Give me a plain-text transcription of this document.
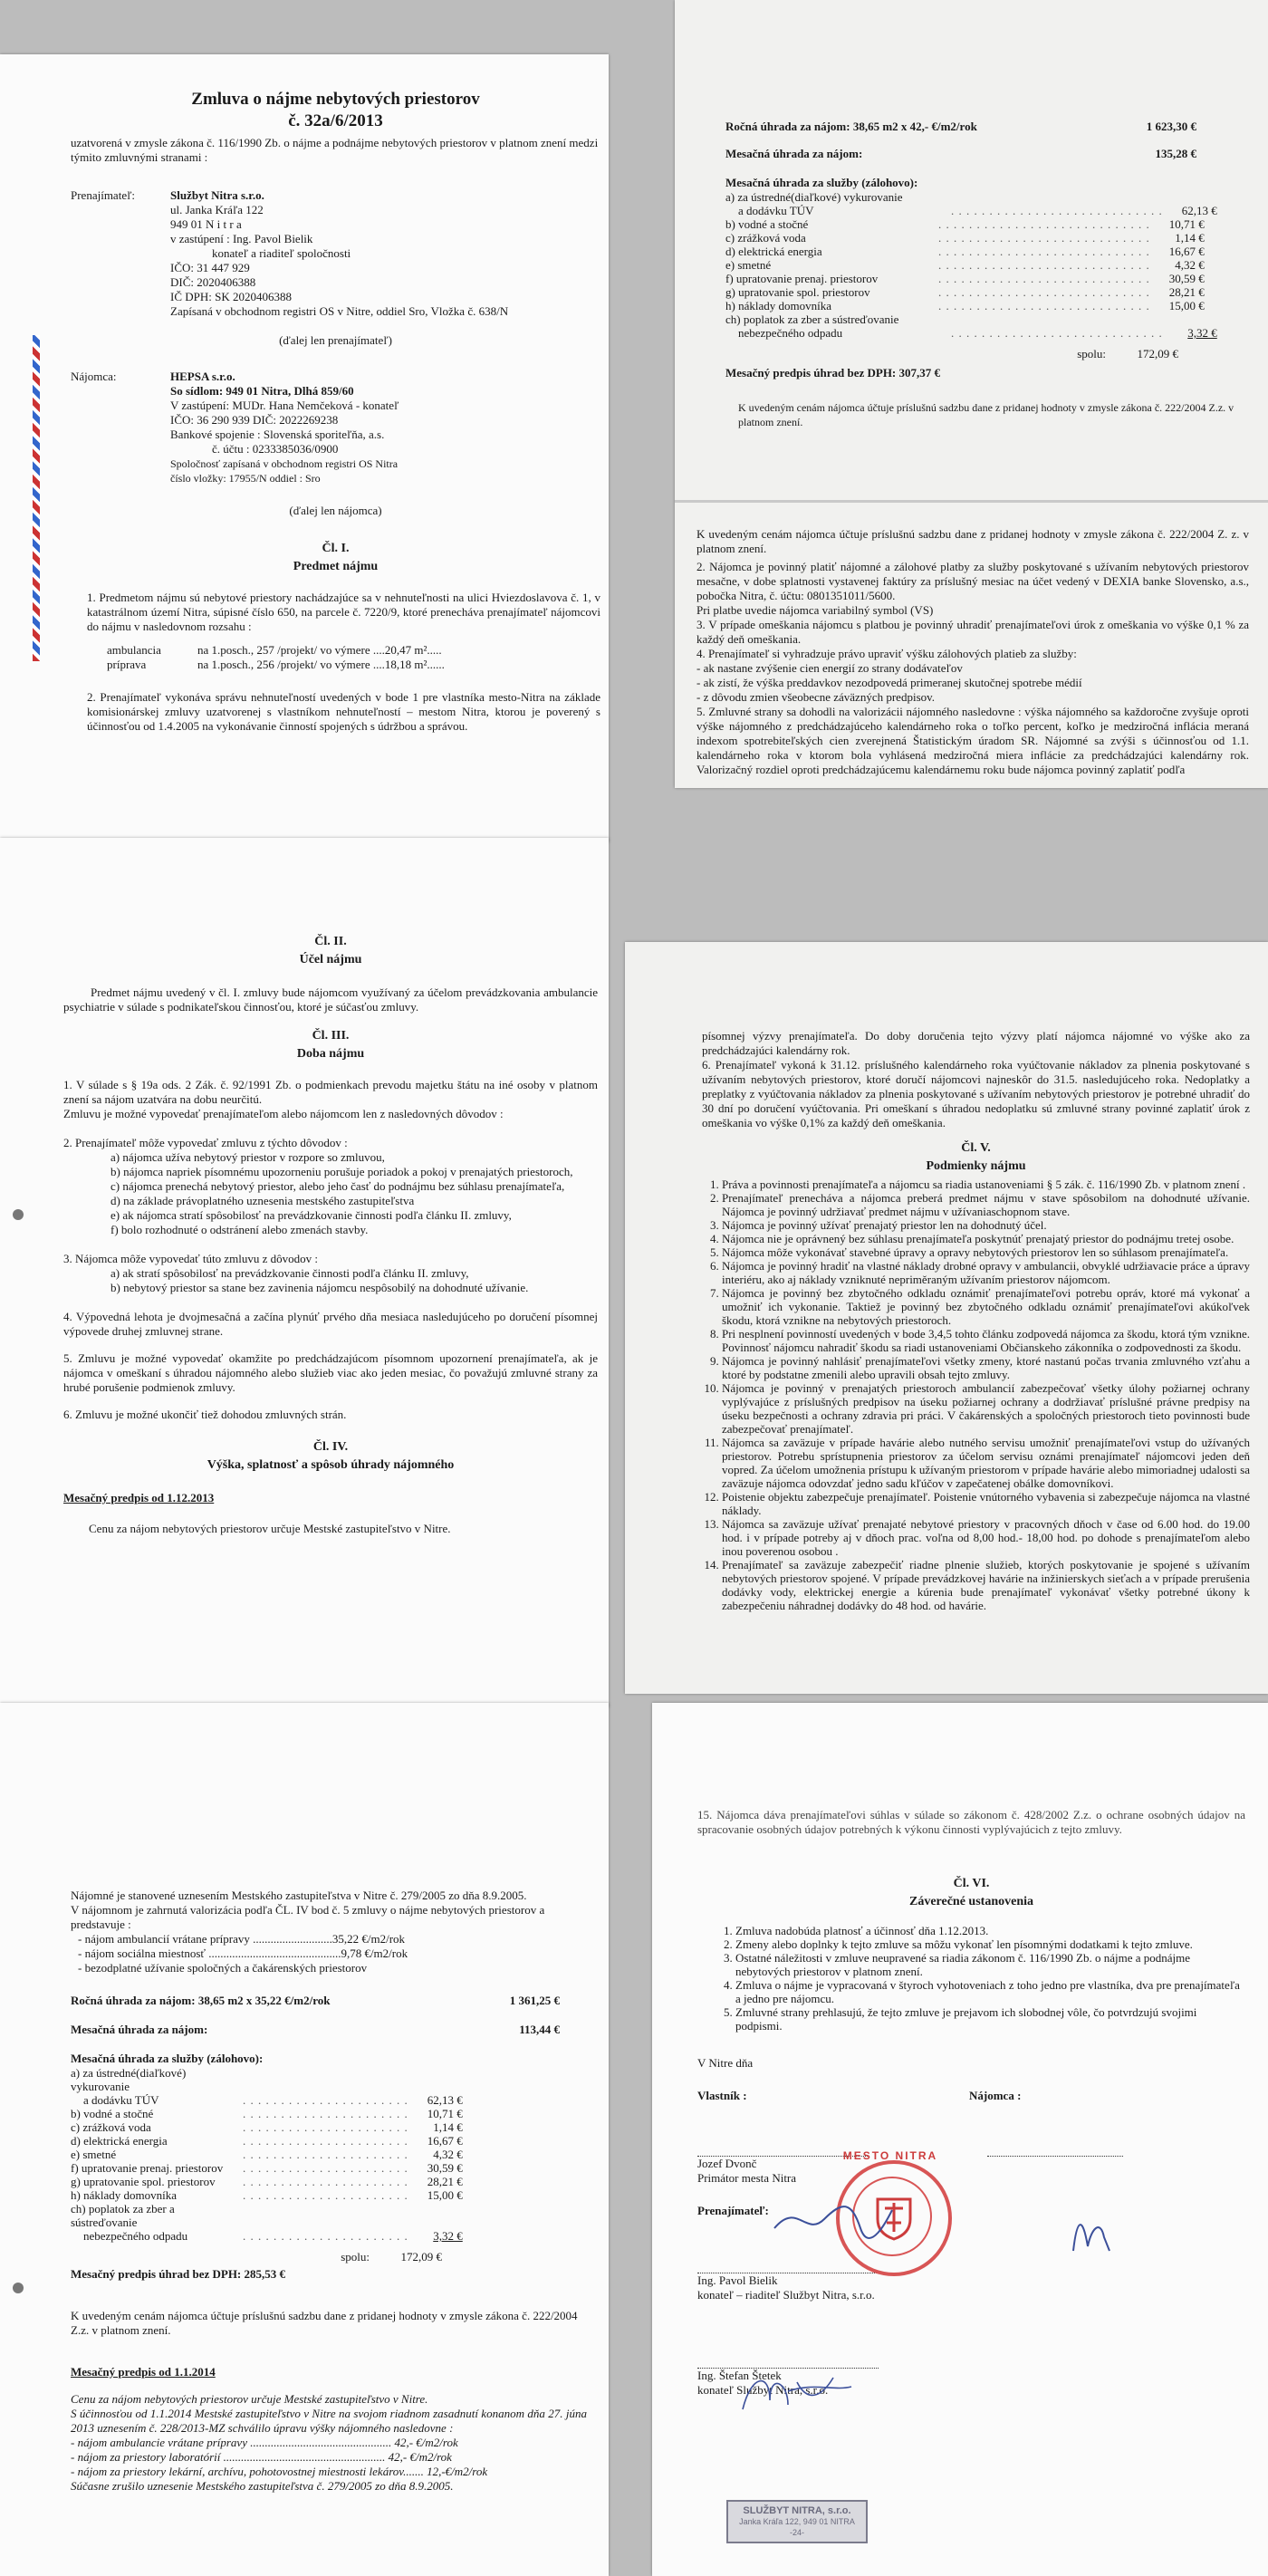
Zmluva o nájme nebytových priestorov

č. 32a/6/2013

uzatvorená v zmysle zákona č. 116/1990 Zb. o nájme a podnájme nebytových priestorov v platnom znení medzi týmito zmluvnými stranami :

Prenajímateľ:	Službyt Nitra s.r.o.

ul. Janka Kráľa 122

949 01 N i t r a

v zastúpení : Ing. Pavol Bielik

konateľ a riaditeľ spoločnosti

IČO: 31 447 929

DIČ: 2020406388

IČ DPH: SK 2020406388

Zapísaná v obchodnom registri OS v Nitre, oddiel Sro, Vložka č. 638/N

(ďalej len prenajímateľ)

Nájomca:	HEPSA s.r.o.

So sídlom: 949 01 Nitra, Dlhá 859/60

V zastúpení: MUDr. Hana Nemčeková - konateľ

IČO: 36 290 939 DIČ: 2022269238

Bankové spojenie : Slovenská sporiteľňa, a.s.

č. účtu : 0233385036/0900

Spoločnosť zapísaná v obchodnom registri OS Nitra

číslo vložky: 17955/N oddiel : Sro

(ďalej len nájomca)

Čl. I.

Predmet nájmu

1. Predmetom nájmu sú nebytové priestory nachádzajúce sa v nehnuteľnosti na ulici Hviezdoslavova č. 1, v katastrálnom území Nitra, súpisné číslo 650, na parcele č. 7220/9, ktoré prenecháva prenajímateľ nájomcovi do nájmu v nasledovnom rozsahu :

ambulancia	na 1.posch., 257 /projekt/ vo výmere ....20,47 m².....
príprava	na 1.posch., 256 /projekt/ vo výmere ....18,18 m²......

2. Prenajímateľ vykonáva správu nehnuteľností uvedených v bode 1 pre vlastníka mesto-Nitra na základe komisionárskej zmluvy uzatvorenej s vlastníkom nehnuteľností – mestom Nitra, ktorou je poverený s účinnosťou od 1.4.2005 na vykonávanie činností spojených s údržbou a správou.

Ročná úhrada za nájom: 38,65 m2 x 42,- €/m2/rok	1 623,30 €

Mesačná úhrada za nájom:	135,28 €

Mesačná úhrada za služby (zálohovo):

a) za ústredné(diaľkové) vykurovanie
a dodávku TÚV	. . . . . . . . . . . . . . . . . . . . . . . . . . . .	62,13 €
b) vodné a stočné	. . . . . . . . . . . . . . . . . . . . . . . . . . . .	10,71 €
c) zrážková voda	. . . . . . . . . . . . . . . . . . . . . . . . . . . .	1,14 €
d) elektrická energia	. . . . . . . . . . . . . . . . . . . . . . . . . . . .	16,67 €
e) smetné	. . . . . . . . . . . . . . . . . . . . . . . . . . . .	4,32 €
f) upratovanie prenaj. priestorov	. . . . . . . . . . . . . . . . . . . . . . . . . . . .	30,59 €
g) upratovanie spol. priestorov	. . . . . . . . . . . . . . . . . . . . . . . . . . . .	28,21 €
h) náklady domovníka	. . . . . . . . . . . . . . . . . . . . . . . . . . . .	15,00 €
ch) poplatok za zber a sústreďovanie
nebezpečného odpadu	. . . . . . . . . . . . . . . . . . . . . . . . . . . .	3,32 €
spolu:	172,09 €

Mesačný predpis úhrad bez DPH: 307,37 €

K uvedeným cenám nájomca účtuje príslušnú sadzbu dane z pridanej hodnoty v zmysle zákona č. 222/2004 Z.z. v platnom znení.

K uvedeným cenám nájomca účtuje príslušnú sadzbu dane z pridanej hodnoty v zmysle zákona č. 222/2004 Z. z. v platnom znení.

2. Nájomca je povinný platiť nájomné a zálohové platby za služby poskytované s užívaním nebytových priestorov mesačne, v dobe splatnosti vystavenej faktúry za príslušný mesiac na účet vedený v DEXIA banke Slovensko, a.s., pobočka Nitra, č. účtu: 0801351011/5600.

Pri platbe uvedie nájomca variabilný symbol (VS)

3. V prípade omeškania nájomcu s platbou je povinný uhradiť prenajímateľovi úrok z omeškania vo výške 0,1 % za každý deň omeškania.

4. Prenajímateľ si vyhradzuje právo upraviť výšku zálohových platieb za služby:

- ak nastane zvýšenie cien energií zo strany dodávateľov

- ak zistí, že výška preddavkov nezodpovedá primeranej skutočnej spotrebe médií

- z dôvodu zmien všeobecne záväzných predpisov.

5. Zmluvné strany sa dohodli na valorizácii nájomného nasledovne : výška nájomného sa každoročne zvyšuje oproti výške nájomného z predchádzajúceho kalendárneho roka o toľko percent, koľko je medziročná inflácia meraná indexom spotrebiteľských cien zverejnená Štatistickým úradom SR. Nájomné sa zvýši s účinnosťou od 1.1. kalendárneho roka v ktorom bola vyhlásená medziročná miera inflácie za predchádzajúci kalendárny rok. Valorizačný rozdiel oproti predchádzajúcemu kalendárnemu roku bude nájomca povinný zaplatiť podľa

Čl. II.

Účel nájmu

Predmet nájmu uvedený v čl. I. zmluvy bude nájomcom využívaný za účelom prevádzkovania ambulancie psychiatrie v súlade s podnikateľskou činnosťou, ktoré je súčasťou zmluvy.

Čl. III.

Doba nájmu

1. V súlade s § 19a ods. 2 Zák. č. 92/1991 Zb. o podmienkach prevodu majetku štátu na iné osoby v platnom znení sa nájom uzatvára na dobu neurčitú.

Zmluvu je možné vypovedať prenajímateľom alebo nájomcom len z nasledovných dôvodov :

2. Prenajímateľ môže vypovedať zmluvu z týchto dôvodov :

a) nájomca užíva nebytový priestor v rozpore so zmluvou,

b) nájomca napriek písomnému upozorneniu porušuje poriadok a pokoj v prenajatých priestoroch,

c) nájomca prenechá nebytový priestor, alebo jeho časť do podnájmu bez súhlasu prenajímateľa,

d) na základe právoplatného uznesenia mestského zastupiteľstva

e) ak nájomca stratí spôsobilosť na prevádzkovanie činnosti podľa článku II. zmluvy,

f) bolo rozhodnuté o odstránení alebo zmenách stavby.

3. Nájomca môže vypovedať túto zmluvu z dôvodov :

a) ak stratí spôsobilosť na prevádzkovanie činnosti podľa článku II. zmluvy,

b) nebytový priestor sa stane bez zavinenia nájomcu nespôsobilý na dohodnuté užívanie.

4. Výpovedná lehota je dvojmesačná a začína plynúť prvého dňa mesiaca nasledujúceho po doručení písomnej výpovede druhej zmluvnej strane.

5. Zmluvu je možné vypovedať okamžite po predchádzajúcom písomnom upozornení prenajímateľa, ak je nájomca v omeškaní s úhradou nájomného alebo služieb viac ako jeden mesiac, čo považujú zmluvné strany za hrubé porušenie podmienok zmluvy.

6. Zmluvu je možné ukončiť tiež dohodou zmluvných strán.

Čl. IV.

Výška, splatnosť a spôsob úhrady nájomného

Mesačný predpis od 1.12.2013

Cenu za nájom nebytových priestorov určuje Mestské zastupiteľstvo v Nitre.

písomnej výzvy prenajímateľa. Do doby doručenia tejto výzvy platí nájomca nájomné vo výške ako za predchádzajúci kalendárny rok.

6. Prenajímateľ vykoná k 31.12. príslušného kalendárneho roka vyúčtovanie nákladov za plnenia poskytované s užívaním nebytových priestorov, ktoré doručí nájomcovi najneskôr do 31.5. nasledujúceho roka. Nedoplatky a preplatky z vyúčtovania nákladov za plnenia poskytované s užívaním nebytových priestorov je potrebné uhradiť do 30 dní po doručení vyúčtovania. Pri omeškaní s úhradou nedoplatku sú zmluvné strany povinné zaplatiť úrok z omeškania vo výške 0,1% za každý deň omeškania.

Čl. V.

Podmienky nájmu

1. Práva a povinnosti prenajímateľa a nájomcu sa riadia ustanoveniami § 5 zák. č. 116/1990 Zb. v platnom znení .
2. Prenajímateľ prenecháva a nájomca preberá predmet nájmu v stave spôsobilom na dohodnuté užívanie. Nájomca je povinný udržiavať predmet nájmu v užívaniaschopnom stave.
3. Nájomca je povinný užívať prenajatý priestor len na dohodnutý účel.
4. Nájomca nie je oprávnený bez súhlasu prenajímateľa poskytnúť prenajatý priestor do podnájmu tretej osobe.
5. Nájomca môže vykonávať stavebné úpravy a opravy nebytových priestorov len so súhlasom prenajímateľa.
6. Nájomca je povinný hradiť na vlastné náklady drobné opravy v ambulancii, obvyklé udržiavacie práce a úpravy interiéru, ako aj náklady vzniknuté nepriměraným užívaním priestorov nájomcom.
7. Nájomca je povinný bez zbytočného odkladu oznámiť prenajímateľovi potrebu opráv, ktoré má vykonať a umožniť ich vykonanie. Taktiež je povinný bez zbytočného odkladu oznámiť prenajímateľovi akúkoľvek škodu, ktorá vznikne na nebytových priestoroch.
8. Pri nesplnení povinností uvedených v bode 3,4,5 tohto článku zodpovedá nájomca za škodu, ktorá tým vznikne. Povinnosť nájomcu nahradiť škodu sa riadi ustanoveniami Občianskeho zákonníka o zodpovednosti za škodu.
9. Nájomca je povinný nahlásiť prenajímateľovi všetky zmeny, ktoré nastanú počas trvania zmluvného vzťahu a ktoré by podstatne zmenili alebo upravili obsah tejto zmluvy.
10. Nájomca je povinný v prenajatých priestoroch ambulancií zabezpečovať všetky úlohy požiarnej ochrany vyplývajúce z príslušných predpisov na úseku požiarnej ochrany a dodržiavať príslušné právne predpisy na úseku bezpečnosti a ochrany zdravia pri práci. V čakárenských a spoločných priestoroch tieto povinnosti bude zabezpečovať prenajímateľ.
11. Nájomca sa zaväzuje v prípade havárie alebo nutného servisu umožniť prenajímateľovi vstup do užívaných priestorov. Potrebu sprístupnenia priestorov za účelom servisu oznámi prenajímateľ nájomcovi jeden deň vopred. Za účelom umožnenia prístupu k užívaným priestorom v prípade havárie alebo mimoriadnej udalosti sa zaväzuje nájomca odovzdať jedno sadu kľúčov v zapečatenej obálke domovníkovi.
12. Poistenie objektu zabezpečuje prenajímateľ. Poistenie vnútorného vybavenia si zabezpečuje nájomca na vlastné náklady.
13. Nájomca sa zaväzuje užívať prenajaté nebytové priestory v pracovných dňoch v čase od 6.00 hod. do 19.00 hod. i v prípade potreby aj v dňoch prac. voľna od 8,00 hod.- 18,00 hod. po dohode s prenajímateľom alebo inou poverenou osobou .
14. Prenajímateľ sa zaväzuje zabezpečiť riadne plnenie služieb, ktorých poskytovanie je spojené s užívaním nebytových priestorov spojené. V prípade prevádzkovej havárie na inžinierskych sieťach a v prípade prerušenia dodávky vody, elektrickej energie a kúrenia bude prenajímateľ vykonávať všetky potrebné úkony k zabezpečeniu náhradnej dodávky do 48 hod. od havárie.

Nájomné je stanovené uznesením Mestského zastupiteľstva v Nitre č. 279/2005 zo dňa 8.9.2005.

V nájomnom je zahrnutá valorizácia podľa ČL. IV bod č. 5 zmluvy o nájme nebytových priestorov a predstavuje :

- nájom ambulancií vrátane prípravy ...........................35,22 €/m2/rok

- nájom sociálna miestnosť .............................................9,78 €/m2/rok

- bezodplatné užívanie spoločných a čakárenských priestorov

Ročná úhrada za nájom: 38,65 m2 x 35,22 €/m2/rok	1 361,25 €

Mesačná úhrada za nájom:	113,44 €

Mesačná úhrada za služby (zálohovo):

a) za ústredné(diaľkové) vykurovanie
a dodávku TÚV	. . . . . . . . . . . . . . . . . . . . . .	62,13 €
b) vodné a stočné	. . . . . . . . . . . . . . . . . . . . . .	10,71 €
c) zrážková voda	. . . . . . . . . . . . . . . . . . . . . .	1,14 €
d) elektrická energia	. . . . . . . . . . . . . . . . . . . . . .	16,67 €
e) smetné	. . . . . . . . . . . . . . . . . . . . . .	4,32 €
f) upratovanie prenaj. priestorov	. . . . . . . . . . . . . . . . . . . . . .	30,59 €
g) upratovanie spol. priestorov	. . . . . . . . . . . . . . . . . . . . . .	28,21 €
h) náklady domovníka	. . . . . . . . . . . . . . . . . . . . . .	15,00 €
ch) poplatok za zber a sústreďovanie
nebezpečného odpadu	. . . . . . . . . . . . . . . . . . . . . .	3,32 €
spolu:	172,09 €

Mesačný predpis úhrad bez DPH: 285,53 €

K uvedeným cenám nájomca účtuje príslušnú sadzbu dane z pridanej hodnoty v zmysle zákona č. 222/2004 Z.z. v platnom znení.

Mesačný predpis od 1.1.2014

Cenu za nájom nebytových priestorov určuje Mestské zastupiteľstvo v Nitre.

S účinnosťou od 1.1.2014 Mestské zastupiteľstvo v Nitre na svojom riadnom zasadnutí konanom dňa 27. júna 2013 uznesením č. 228/2013-MZ schválilo úpravu výšky nájomného nasledovne :

- nájom ambulancie vrátane prípravy ................................................ 42,- €/m2/rok

- nájom za priestory laboratórií ....................................................... 42,- €/m2/rok

- nájom za priestory lekární, archívu, pohotovostnej miestnosti lekárov....... 12,-€/m2/rok

Súčasne zrušilo uznesenie Mestského zastupiteľstva č. 279/2005 zo dňa 8.9.2005.

15. Nájomca dáva prenajímateľovi súhlas v súlade so zákonom č. 428/2002 Z.z. o ochrane osobných údajov na spracovanie osobných údajov potrebných k výkonu činnosti vyplývajúcich z tejto zmluvy.

Čl. VI.

Záverečné ustanovenia

1. Zmluva nadobúda platnosť a účinnosť dňa 1.12.2013.
2. Zmeny alebo doplnky k tejto zmluve sa môžu vykonať len písomnými dodatkami k tejto zmluve.
3. Ostatné náležitosti v zmluve neupravené sa riadia zákonom č. 116/1990 Zb. o nájme a podnájme nebytových priestorov v platnom znení.
4. Zmluva o nájme je vypracovaná v štyroch vyhotoveniach z toho jedno pre vlastníka, dva pre prenajímateľa a jedno pre nájomcu.
5. Zmluvné strany prehlasujú, že tejto zmluve je prejavom ich slobodnej vôle, čo potvrdzujú svojimi podpismi.

V Nitre dňa

Vlastník :	Nájomca :

Jozef Dvonč

Primátor mesta Nitra

Prenajímateľ:

Ing. Pavol Bielik

konateľ – riaditeľ Službyt Nitra, s.r.o.

Ing. Štefan Štetek

konateľ Službyt Nitra, s.r.o.

MESTO NITRA
SLUŽBYT NITRA, s.r.o.
Janka Kráľa 122, 949 01 NITRA
-24-
